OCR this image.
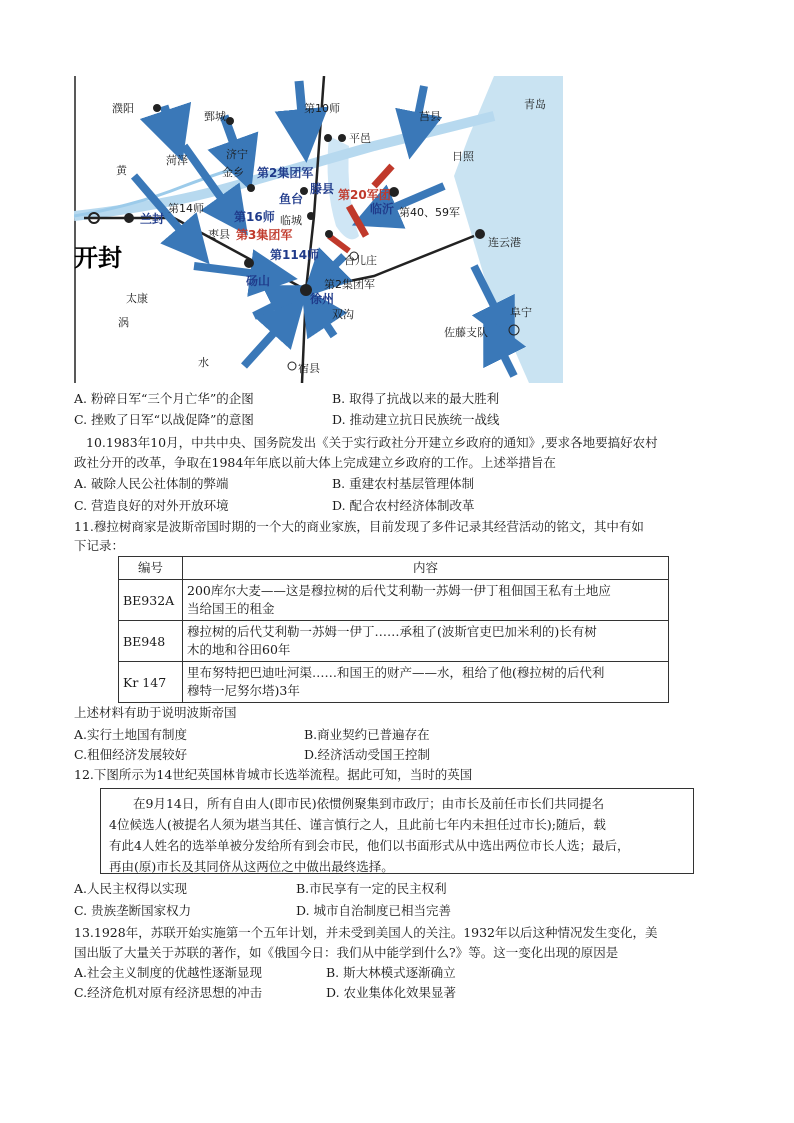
濮阳
鄄城
第10师
莒县
青岛
平邑
黄
菏泽	济宁
金乡 第2集团军
滕县 第20军团
日照
临沂 第40、59军
第14师
兰封	第16师
鱼台
临城
枣县 第3集团军
开封
连云港
第114师
砀山
台儿庄
第2集团军
徐州
太康
阜宁
涡
双沟
佐藤支队
水	宿县
A. 粉碎日军“三个月亡华”的企图	B. 取得了抗战以来的最大胜利
C. 挫败了日军“以战促降”的意图	D. 推动建立抗日民族统一战线
10.1983年10月，中共中央、国务院发出《关于实行政社分开建立乡政府的通知》,要求各地要搞好农村
政社分开的改革，争取在1984年年底以前大体上完成建立乡政府的工作。上述举措旨在
A. 破除人民公社体制的弊端	B. 重建农村基层管理体制
C. 营造良好的对外开放环境	D. 配合农村经济体制改革
11.穆拉树商家是波斯帝国时期的一个大的商业家族，目前发现了多件记录其经营活动的铭文，其中有如
下记录：
编号	内容
BE932A	200库尔大麦——这是穆拉树的后代艾利勒一苏姆一伊丁租佃国王私有土地应
当给国王的租金

BE948	穆拉树的后代艾利勒一苏姆一伊丁……承租了(波斯官吏巴加米利的)长有树
木的地和谷田60年

Kr 147	里布努特把巴迪吐河渠……和国王的财产——水，租给了他(穆拉树的后代利
穆特一尼努尔塔)3年
上述材料有助于说明波斯帝国
A.实行土地国有制度	B.商业契约已普遍存在
C.租佃经济发展较好	D.经济活动受国王控制
12.下图所示为14世纪英国林肯城市长选举流程。据此可知，当时的英国
在9月14日，所有自由人(即市民)依惯例聚集到市政厅；由市长及前任市长们共同提名
4位候选人(被提名人须为堪当其任、谨言慎行之人，且此前七年内未担任过市长);随后，载
有此4人姓名的选举单被分发给所有到会市民，他们以书面形式从中选出两位市长人选；最后，
再由(原)市长及其同侪从这两位之中做出最终选择。
A.人民主权得以实现	B.市民享有一定的民主权利
C. 贵族垄断国家权力	D. 城市自治制度已相当完善
13.1928年，苏联开始实施第一个五年计划，并未受到美国人的关注。1932年以后这种情况发生变化，美
国出版了大量关于苏联的著作，如《俄国今日：我们从中能学到什么?》等。这一变化出现的原因是
A.社会主义制度的优越性逐渐显现	B. 斯大林模式逐渐确立
C.经济危机对原有经济思想的冲击	D. 农业集体化效果显著
